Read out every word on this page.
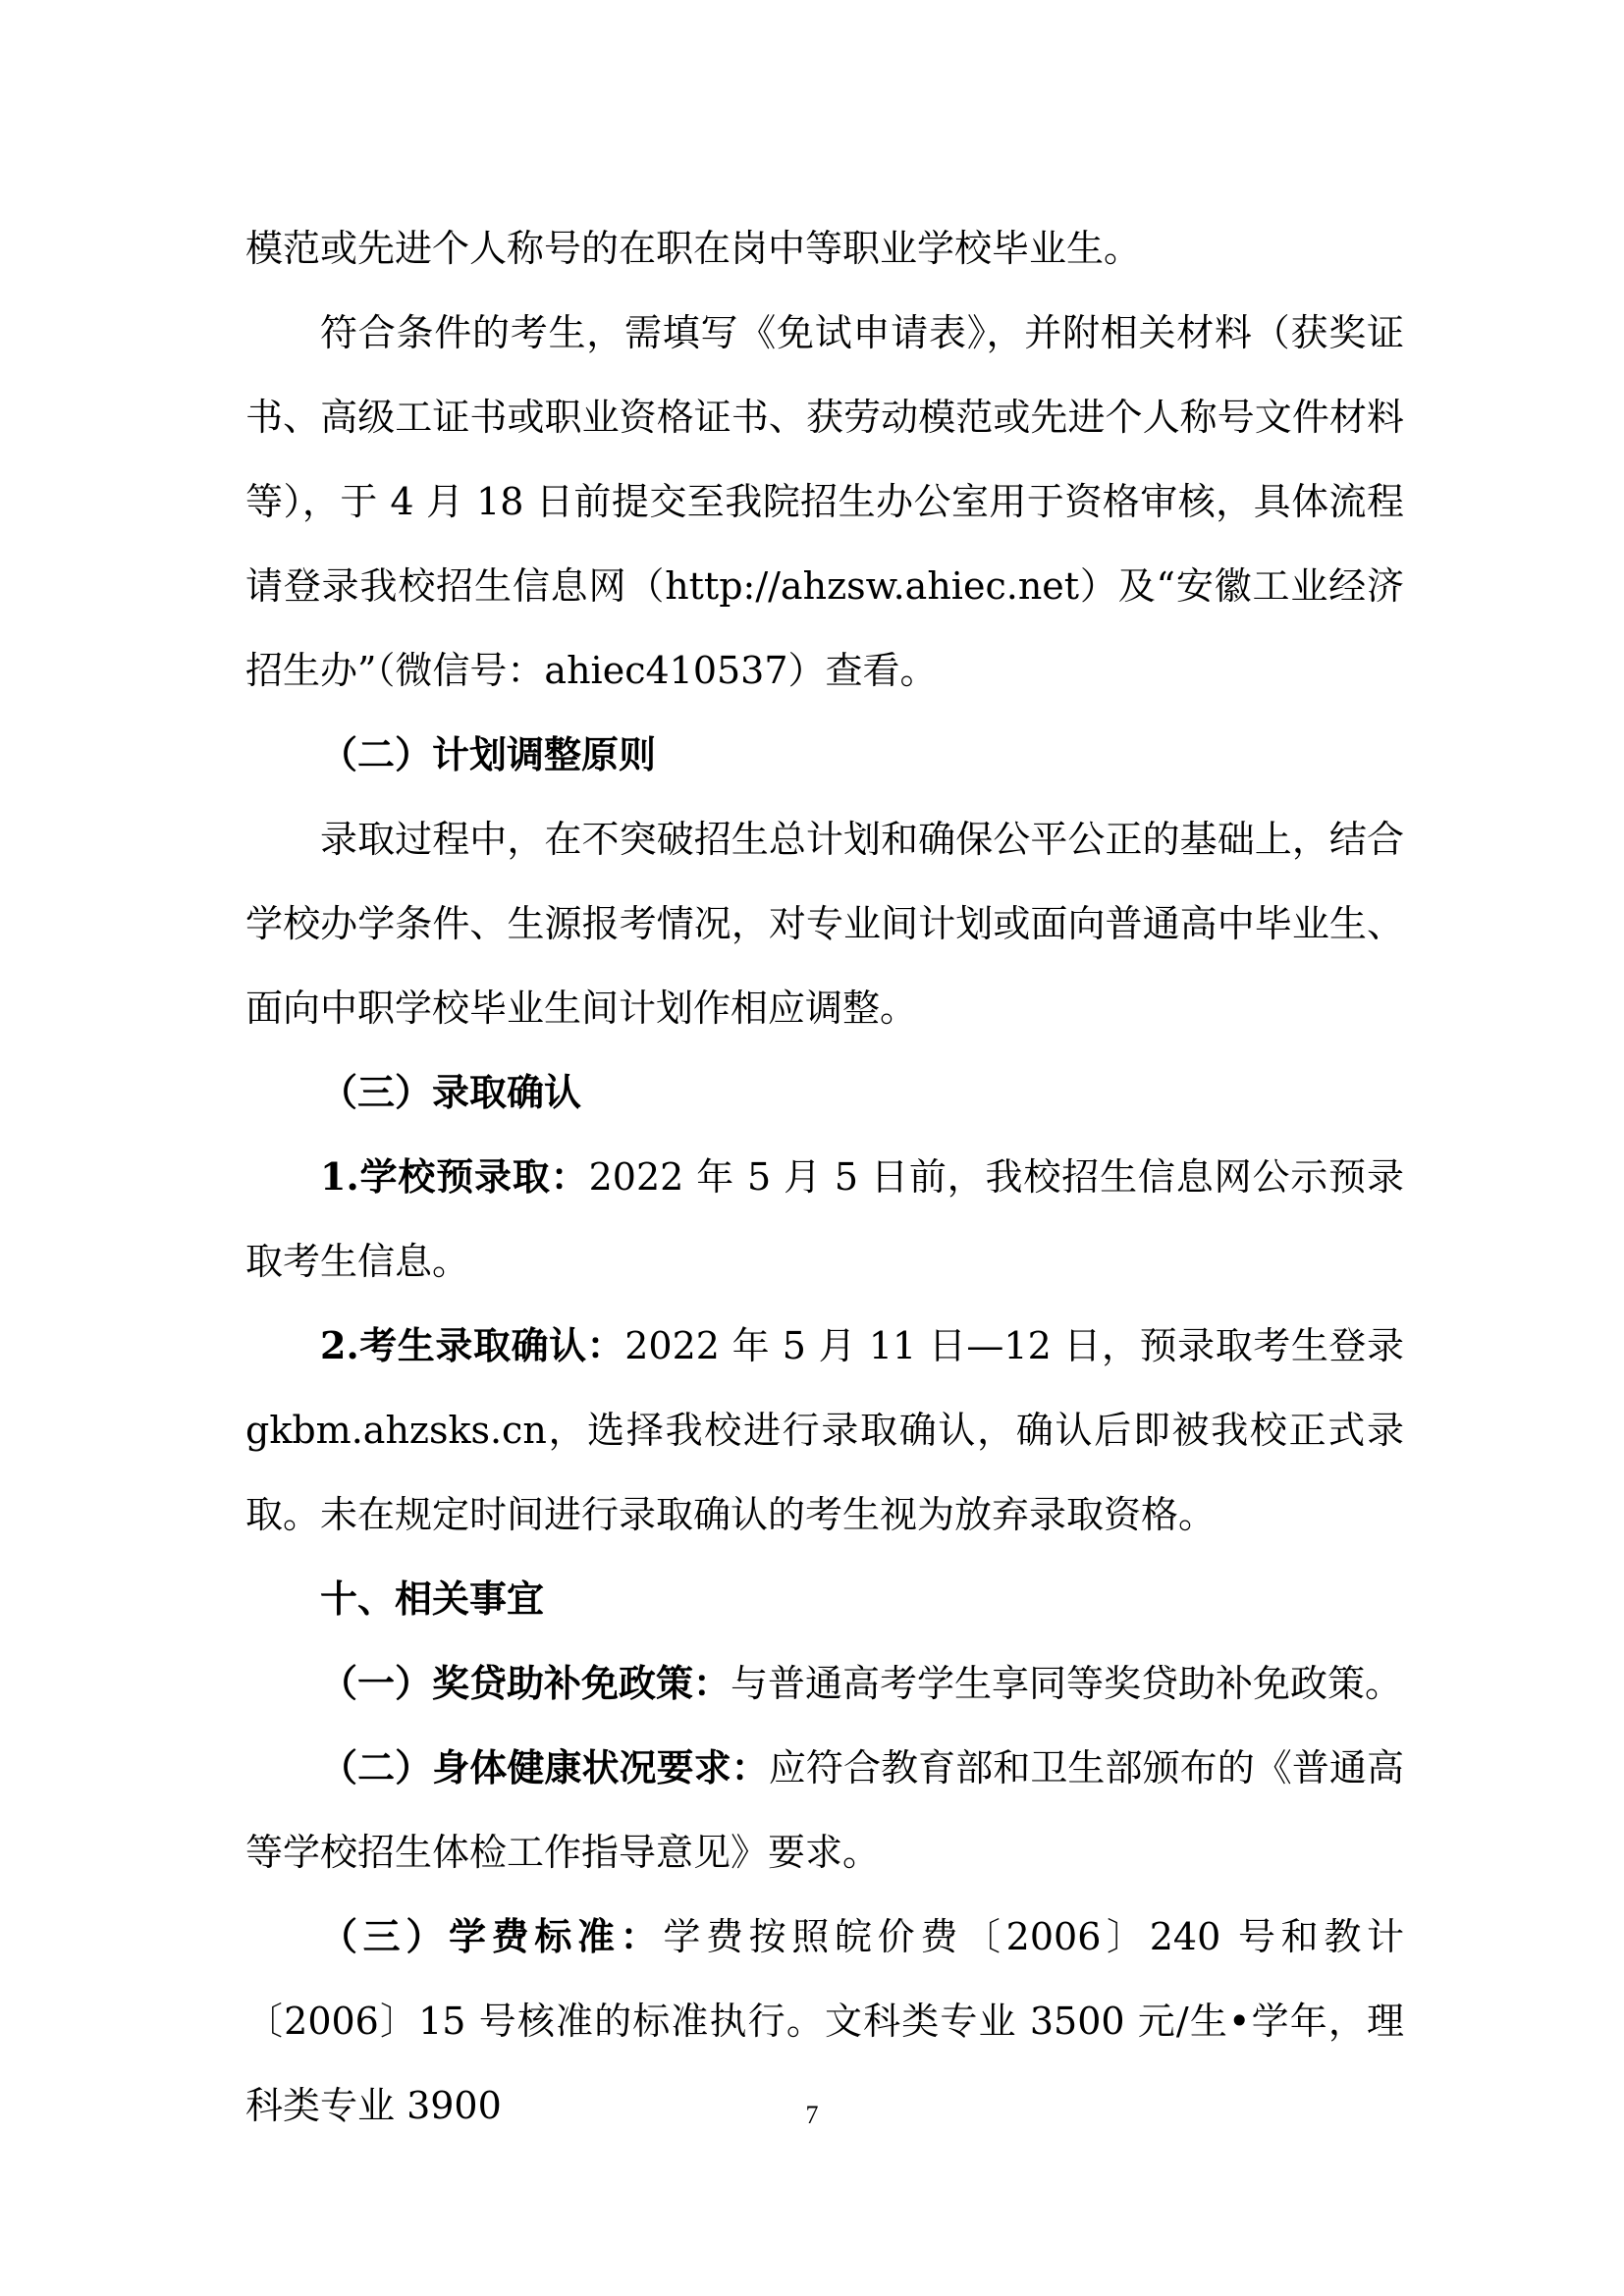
模范或先进个人称号的在职在岗中等职业学校毕业生。

符合条件的考生，需填写《免试申请表》，并附相关材料（获奖证书、高级工证书或职业资格证书、获劳动模范或先进个人称号文件材料等），于 4 月 18 日前提交至我院招生办公室用于资格审核，具体流程请登录我校招生信息网（http://ahzsw.ahiec.net）及“安徽工业经济招生办”（微信号：ahiec410537）查看。

（二）计划调整原则

录取过程中，在不突破招生总计划和确保公平公正的基础上，结合学校办学条件、生源报考情况，对专业间计划或面向普通高中毕业生、面向中职学校毕业生间计划作相应调整。

（三）录取确认

1.学校预录取：2022 年 5 月 5 日前，我校招生信息网公示预录取考生信息。

2.考生录取确认：2022 年 5 月 11 日—12 日，预录取考生登录 gkbm.ahzsks.cn，选择我校进行录取确认，确认后即被我校正式录取。未在规定时间进行录取确认的考生视为放弃录取资格。

十、相关事宜

（一）奖贷助补免政策：与普通高考学生享同等奖贷助补免政策。

（二）身体健康状况要求：应符合教育部和卫生部颁布的《普通高等学校招生体检工作指导意见》要求。

（三）学费标准：学费按照皖价费〔2006〕240 号和教计〔2006〕15 号核准的标准执行。文科类专业 3500 元/生•学年，理科类专业 3900	7
